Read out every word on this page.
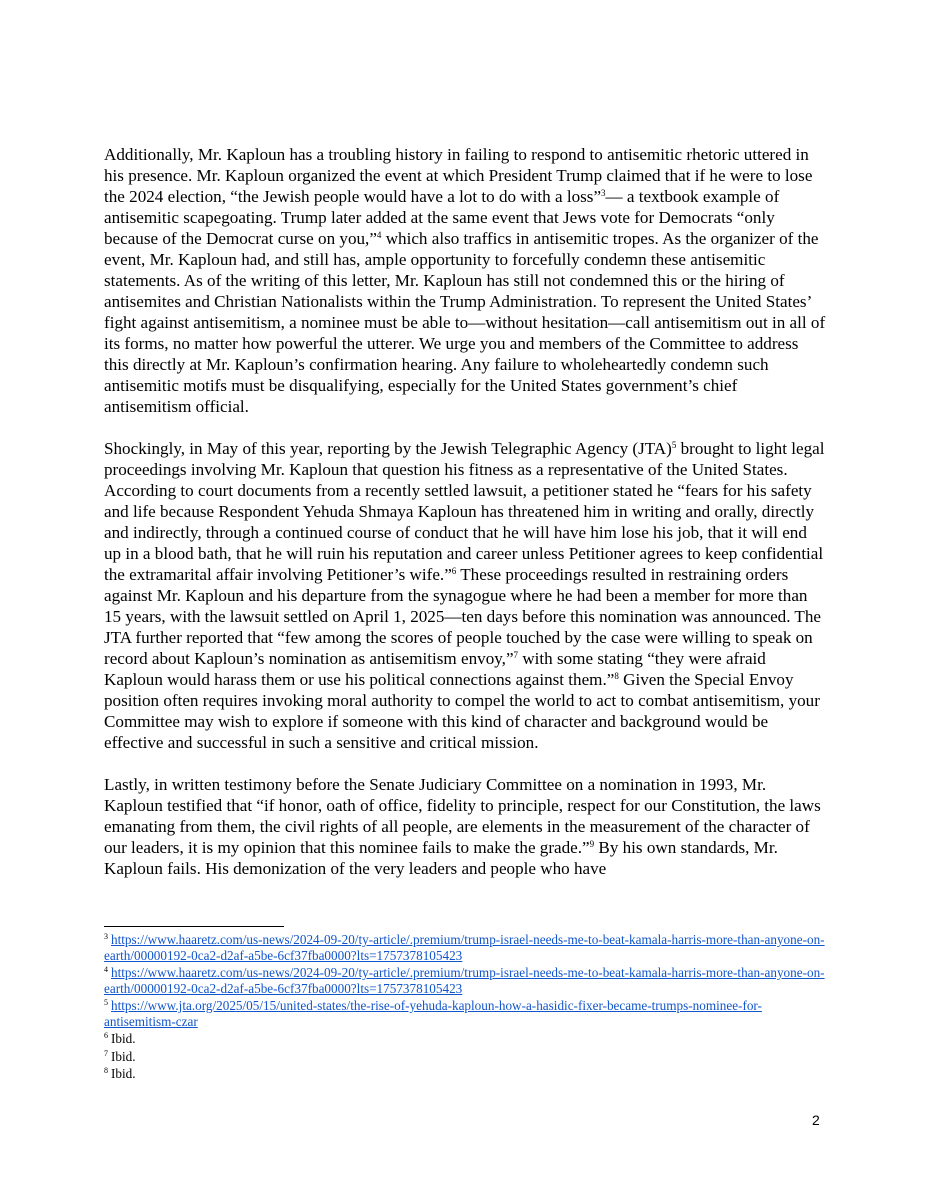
Additionally, Mr. Kaploun has a troubling history in failing to respond to antisemitic rhetoric uttered in his presence. Mr. Kaploun organized the event at which President Trump claimed that if he were to lose the 2024 election, “the Jewish people would have a lot to do with a loss”$^3$— a textbook example of antisemitic scapegoating. Trump later added at the same event that Jews vote for Democrats “only because of the Democrat curse on you,”$^4$ which also traffics in antisemitic tropes. As the organizer of the event, Mr. Kaploun had, and still has, ample opportunity to forcefully condemn these antisemitic statements. As of the writing of this letter, Mr. Kaploun has still not condemned this or the hiring of antisemites and Christian Nationalists within the Trump Administration. To represent the United States’ fight against antisemitism, a nominee must be able to—without hesitation—call antisemitism out in all of its forms, no matter how powerful the utterer. We urge you and members of the Committee to address this directly at Mr. Kaploun’s confirmation hearing. Any failure to wholeheartedly condemn such antisemitic motifs must be disqualifying, especially for the United States government’s chief antisemitism official.

Shockingly, in May of this year, reporting by the Jewish Telegraphic Agency (JTA)$^5$ brought to light legal proceedings involving Mr. Kaploun that question his fitness as a representative of the United States. According to court documents from a recently settled lawsuit, a petitioner stated he “fears for his safety and life because Respondent Yehuda Shmaya Kaploun has threatened him in writing and orally, directly and indirectly, through a continued course of conduct that he will have him lose his job, that it will end up in a blood bath, that he will ruin his reputation and career unless Petitioner agrees to keep confidential the extramarital affair involving Petitioner’s wife.”$^6$ These proceedings resulted in restraining orders against Mr. Kaploun and his departure from the synagogue where he had been a member for more than 15 years, with the lawsuit settled on April 1, 2025—ten days before this nomination was announced. The JTA further reported that “few among the scores of people touched by the case were willing to speak on record about Kaploun’s nomination as antisemitism envoy,”$^7$ with some stating “they were afraid Kaploun would harass them or use his political connections against them.”$^8$ Given the Special Envoy position often requires invoking moral authority to compel the world to act to combat antisemitism, your Committee may wish to explore if someone with this kind of character and background would be effective and successful in such a sensitive and critical mission.

Lastly, in written testimony before the Senate Judiciary Committee on a nomination in 1993, Mr. Kaploun testified that “if honor, oath of office, fidelity to principle, respect for our Constitution, the laws emanating from them, the civil rights of all people, are elements in the measurement of the character of our leaders, it is my opinion that this nominee fails to make the grade.”$^9$ By his own standards, Mr. Kaploun fails. His demonization of the very leaders and people who have

$^3$ https://www.haaretz.com/us-news/2024-09-20/ty-article/.premium/trump-israel-needs-me-to-beat-kamala-harris-more-than-anyone-on-earth/00000192-0ca2-d2af-a5be-6cf37fba0000?lts=1757378105423
$^4$ https://www.haaretz.com/us-news/2024-09-20/ty-article/.premium/trump-israel-needs-me-to-beat-kamala-harris-more-than-anyone-on-earth/00000192-0ca2-d2af-a5be-6cf37fba0000?lts=1757378105423
$^5$ https://www.jta.org/2025/05/15/united-states/the-rise-of-yehuda-kaploun-how-a-hasidic-fixer-became-trumps-nominee-for-antisemitism-czar
$^6$ Ibid.
$^7$ Ibid.
$^8$ Ibid.
2
